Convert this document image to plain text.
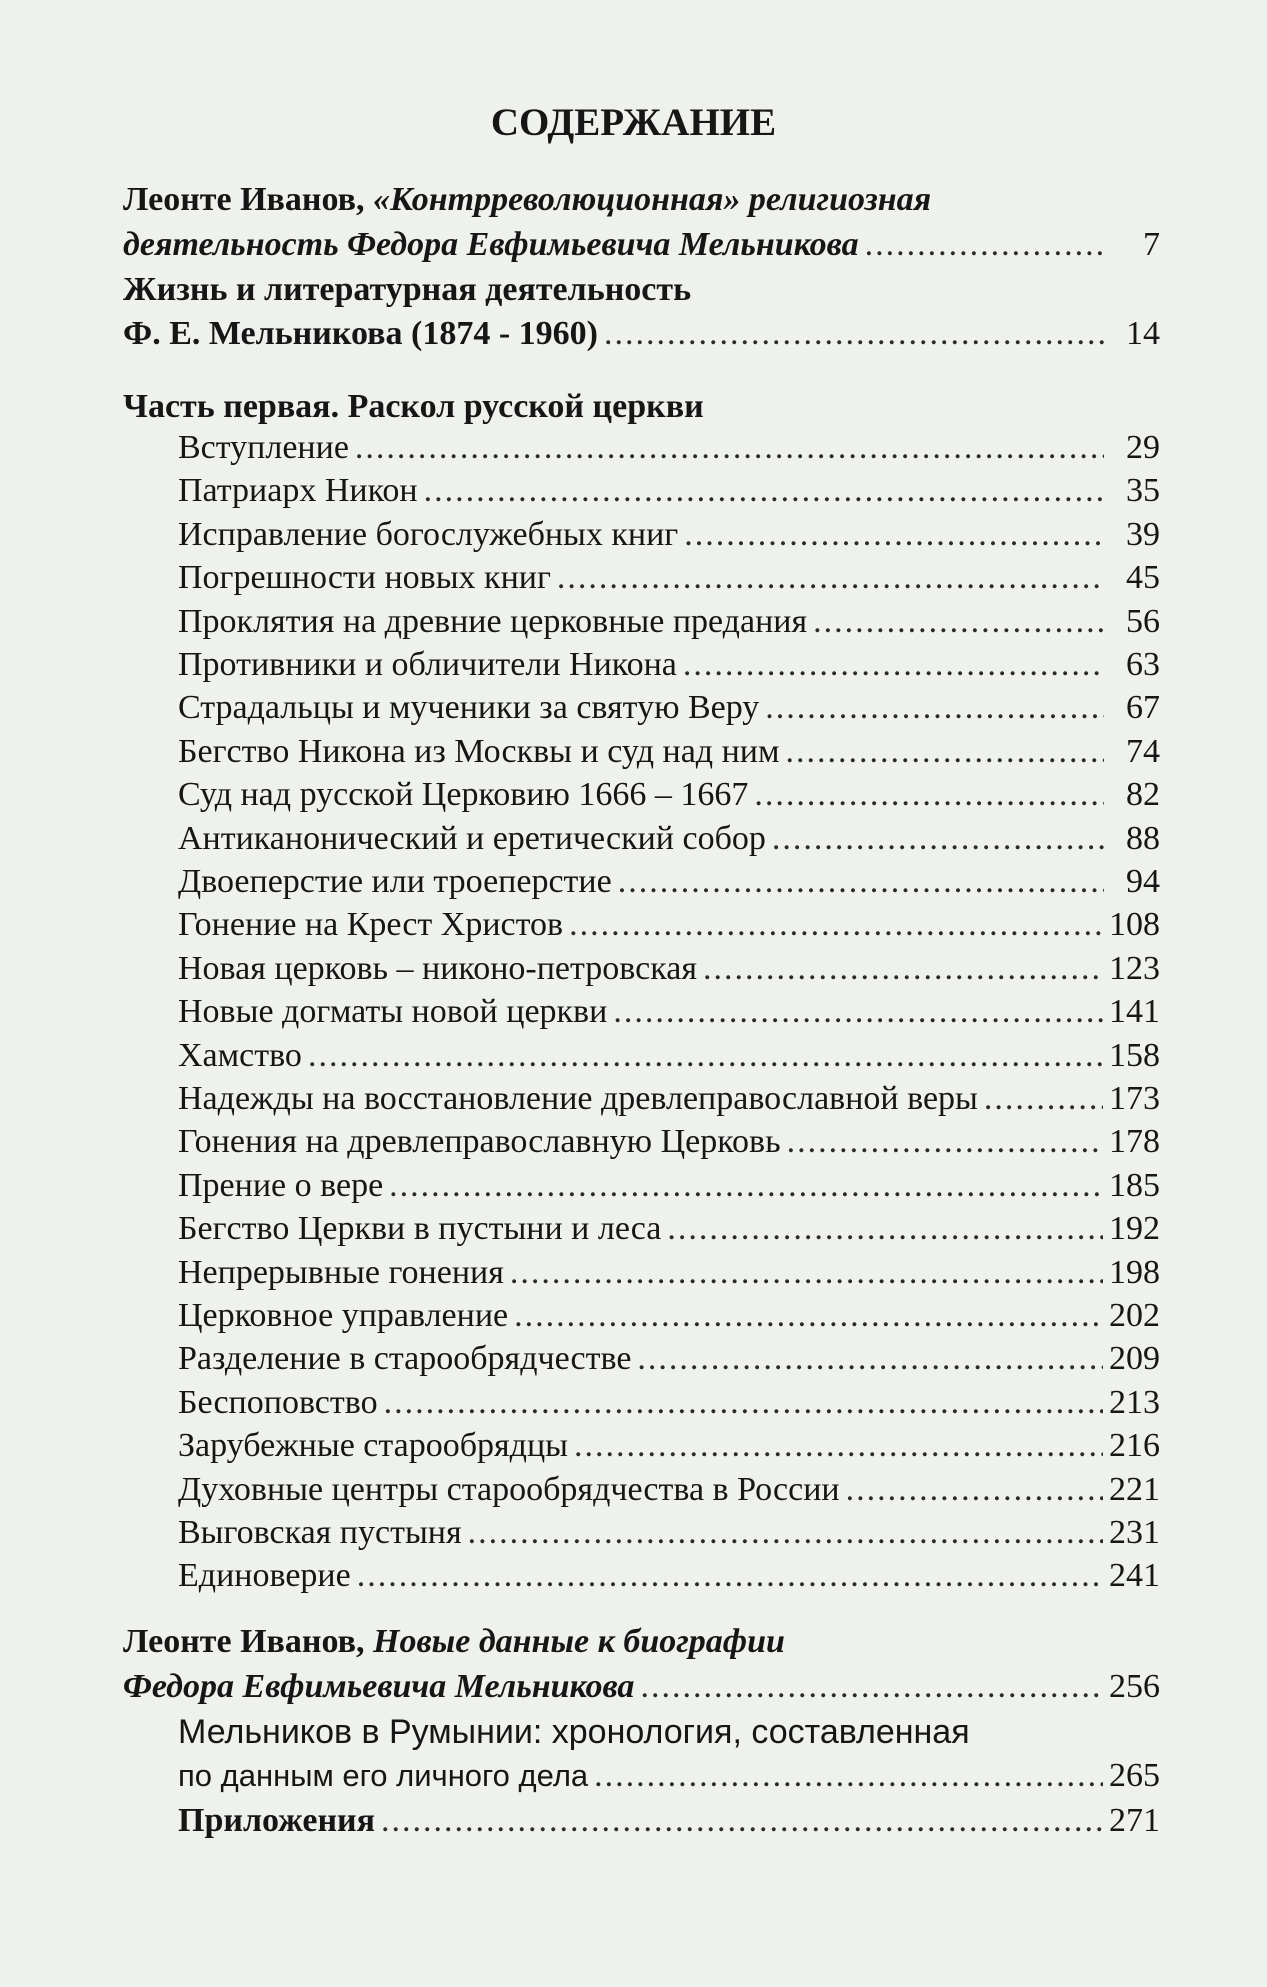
СОДЕРЖАНИЕ
Леонте Иванов, «Контрреволюционная» религиозная
деятельность Федора Евфимьевича Мельникова .....	7
Жизнь и литературная деятельность
Ф. Е. Мельникова (1874 - 1960) .....	14
Часть первая. Раскол русской церкви
Вступление .....	29
Патриарх Никон .....	35
Исправление богослужебных книг .....	39
Погрешности новых книг .....	45
Проклятия на древние церковные предания .....	56
Противники и обличители Никона .....	63
Страдальцы и мученики за святую Веру .....	67
Бегство Никона из Москвы и суд над ним .....	74
Суд над русской Церковию 1666 – 1667 .....	82
Антиканонический и еретический собор .....	88
Двоеперстие или троеперстие .....	94
Гонение на Крест Христов .....	108
Новая церковь – никоно-петровская .....	123
Новые догматы новой церкви .....	141
Хамство .....	158
Надежды на восстановление древлеправославной веры .....	173
Гонения на древлеправославную Церковь .....	178
Прение о вере .....	185
Бегство Церкви в пустыни и леса .....	192
Непрерывные гонения .....	198
Церковное управление .....	202
Разделение в старообрядчестве .....	209
Беспоповство .....	213
Зарубежные старообрядцы .....	216
Духовные центры старообрядчества в России .....	221
Выговская пустыня .....	231
Единоверие .....	241
Леонте Иванов, Новые данные к биографии
Федора Евфимьевича Мельникова .....	256
Мельников в Румынии: хронология, составленная
по данным его личного дела .....	265
Приложения .....	271
